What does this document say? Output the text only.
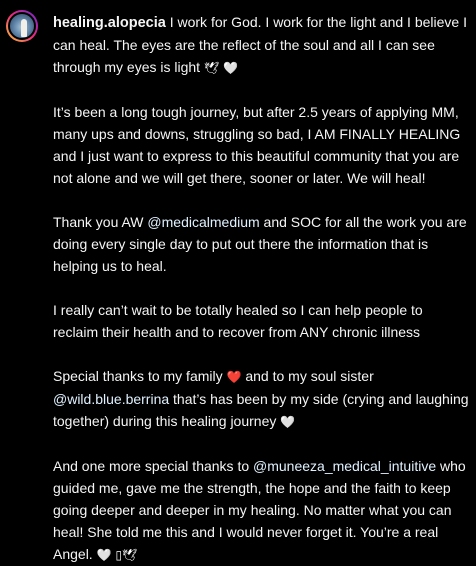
healing.alopecia I work for God. I work for the light and I believe I can heal. The eyes are the reflect of the soul and all I can see through my eyes is light 🕊 🤍

It’s been a long tough journey, but after 2.5 years of applying MM, many ups and downs, struggling so bad, I AM FINALLY HEALING and I just want to express to this beautiful community that you are not alone and we will get there, sooner or later. We will heal!

Thank you AW @medicalmedium and SOC for all the work you are doing every single day to put out there the information that is helping us to heal.

I really can’t wait to be totally healed so I can help people to reclaim their health and to recover from ANY chronic illness

Special thanks to my family ❤️ and to my soul sister @wild.blue.berrina that’s has been by my side (crying and laughing together) during this healing journey 🤍

And one more special thanks to @muneeza_medical_intuitive who guided me, gave me the strength, the hope and the faith to keep going deeper and deeper in my healing. No matter what you can heal! She told me this and I would never forget it. You’re a real Angel. 🤍 ▯🕊
